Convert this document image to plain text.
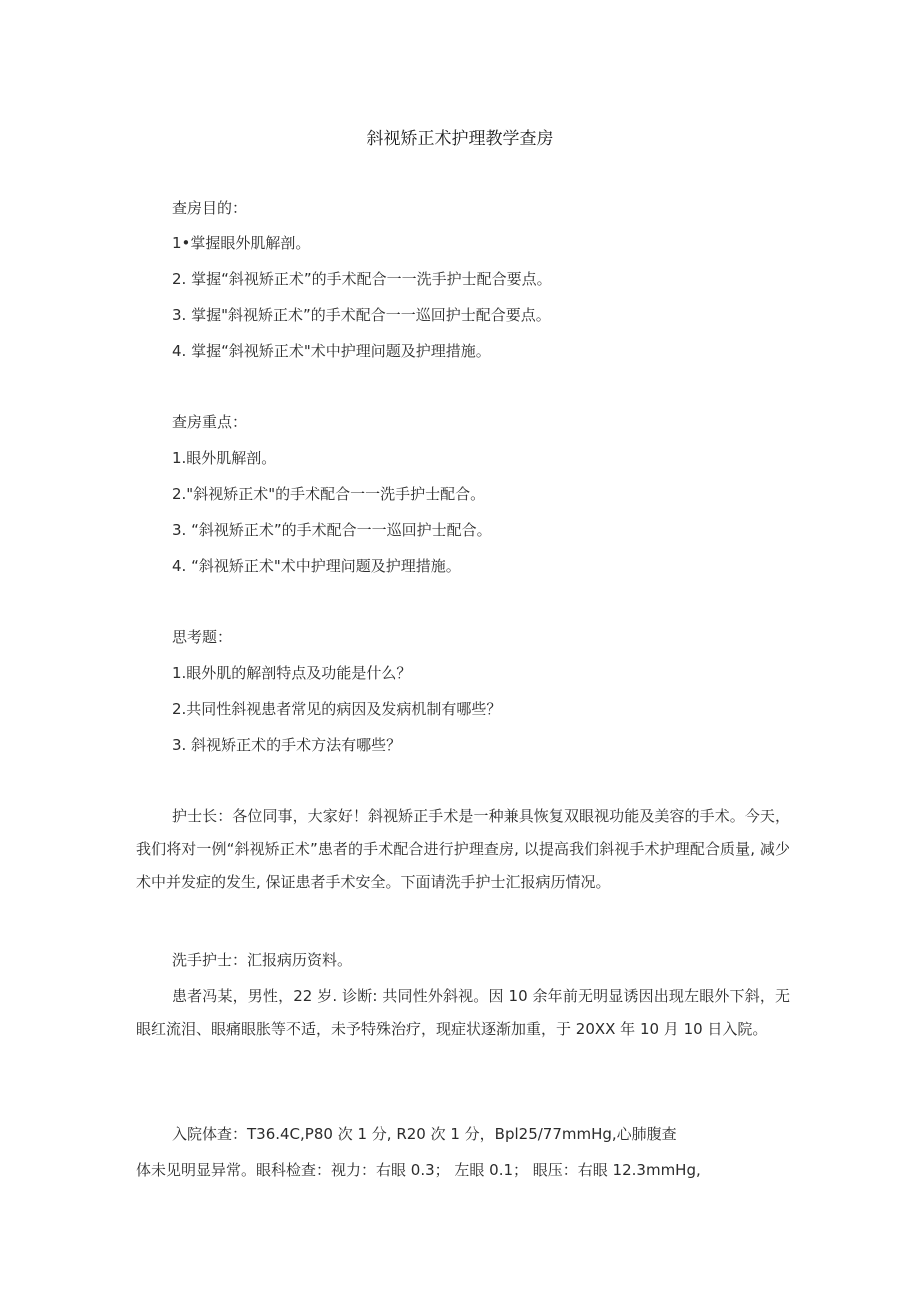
斜视矫正术护理教学查房
查房目的：
1•掌握眼外肌解剖。
2. 掌握“斜视矫正术”的手术配合一一洗手护士配合要点。
3. 掌握"斜视矫正术”的手术配合一一巡回护士配合要点。
4. 掌握“斜视矫正术"术中护理问题及护理措施。
查房重点：
1.眼外肌解剖。
2."斜视矫正术"的手术配合一一洗手护士配合。
3. “斜视矫正术”的手术配合一一巡回护士配合。
4. “斜视矫正术"术中护理问题及护理措施。
思考题：
1.眼外肌的解剖特点及功能是什么？
2.共同性斜视患者常见的病因及发病机制有哪些？
3. 斜视矫正术的手术方法有哪些？
护士长：各位同事，大家好！斜视矫正手术是一种兼具恢复双眼视功能及美容的手术。今天，我们将对一例“斜视矫正术”患者的手术配合进行护理查房, 以提高我们斜视手术护理配合质量, 减少术中并发症的发生, 保证患者手术安全。下面请洗手护士汇报病历情况。
洗手护士：汇报病历资料。
患者冯某，男性，22 岁. 诊断: 共同性外斜视。因 10 余年前无明显诱因出现左眼外下斜，无眼红流泪、眼痛眼胀等不适，未予特殊治疗，现症状逐渐加重，于 20XX 年 10 月 10 日入院。
入院体查：T36.4C,P80 次 1 分, R20 次 1 分，Bpl25/77mmHg,心肺腹查
体未见明显异常。眼科检查：视力：右眼 0.3； 左眼 0.1； 眼压：右眼 12.3mmHg,
